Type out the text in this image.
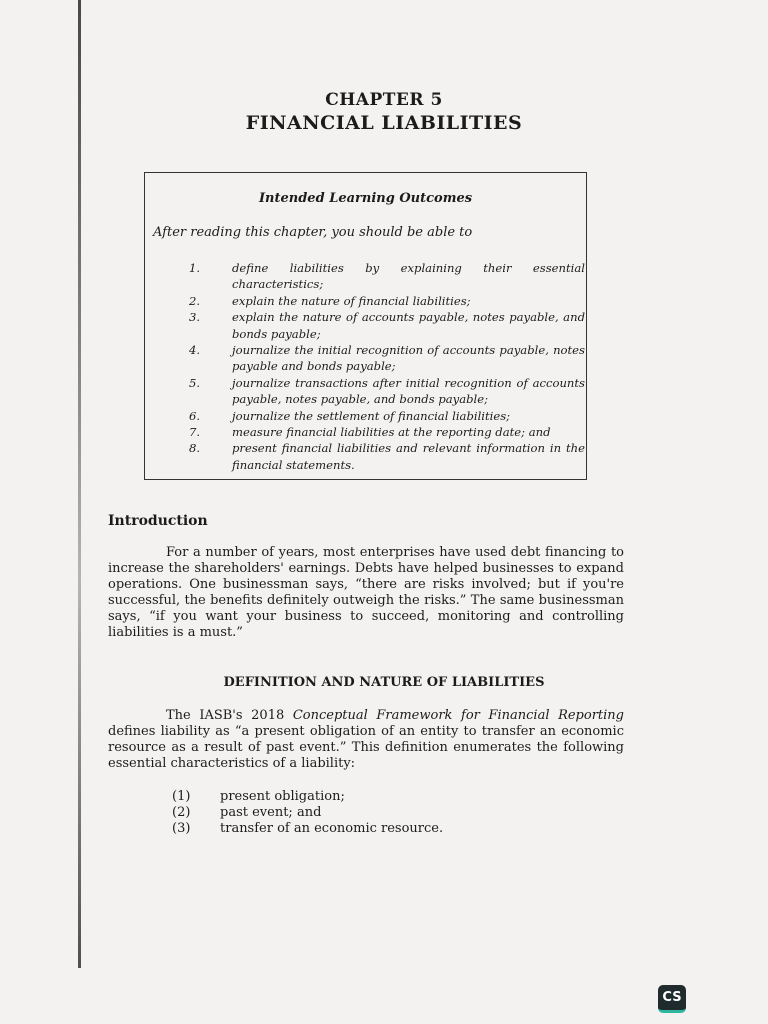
CHAPTER 5
FINANCIAL LIABILITIES
Intended Learning Outcomes
After reading this chapter, you should be able to
1.	define liabilities by explaining their essential characteristics;
2.	explain the nature of financial liabilities;
3.	explain the nature of accounts payable, notes payable, and bonds payable;
4.	journalize the initial recognition of accounts payable, notes payable and bonds payable;
5.	journalize transactions after initial recognition of accounts payable, notes payable, and bonds payable;
6.	journalize the settlement of financial liabilities;
7.	measure financial liabilities at the reporting date; and
8.	present financial liabilities and relevant information in the financial statements.
Introduction

For a number of years, most enterprises have used debt financing to increase the shareholders' earnings. Debts have helped businesses to expand operations. One businessman says, “there are risks involved; but if you're successful, the benefits definitely outweigh the risks.” The same businessman says, “if you want your business to succeed, monitoring and controlling liabilities is a must.”

DEFINITION AND NATURE OF LIABILITIES

The IASB's 2018 Conceptual Framework for Financial Reporting defines liability as “a present obligation of an entity to transfer an economic resource as a result of past event.” This definition enumerates the following essential characteristics of a liability:

(1)	present obligation;
(2)	past event; and
(3)	transfer of an economic resource.
CS
